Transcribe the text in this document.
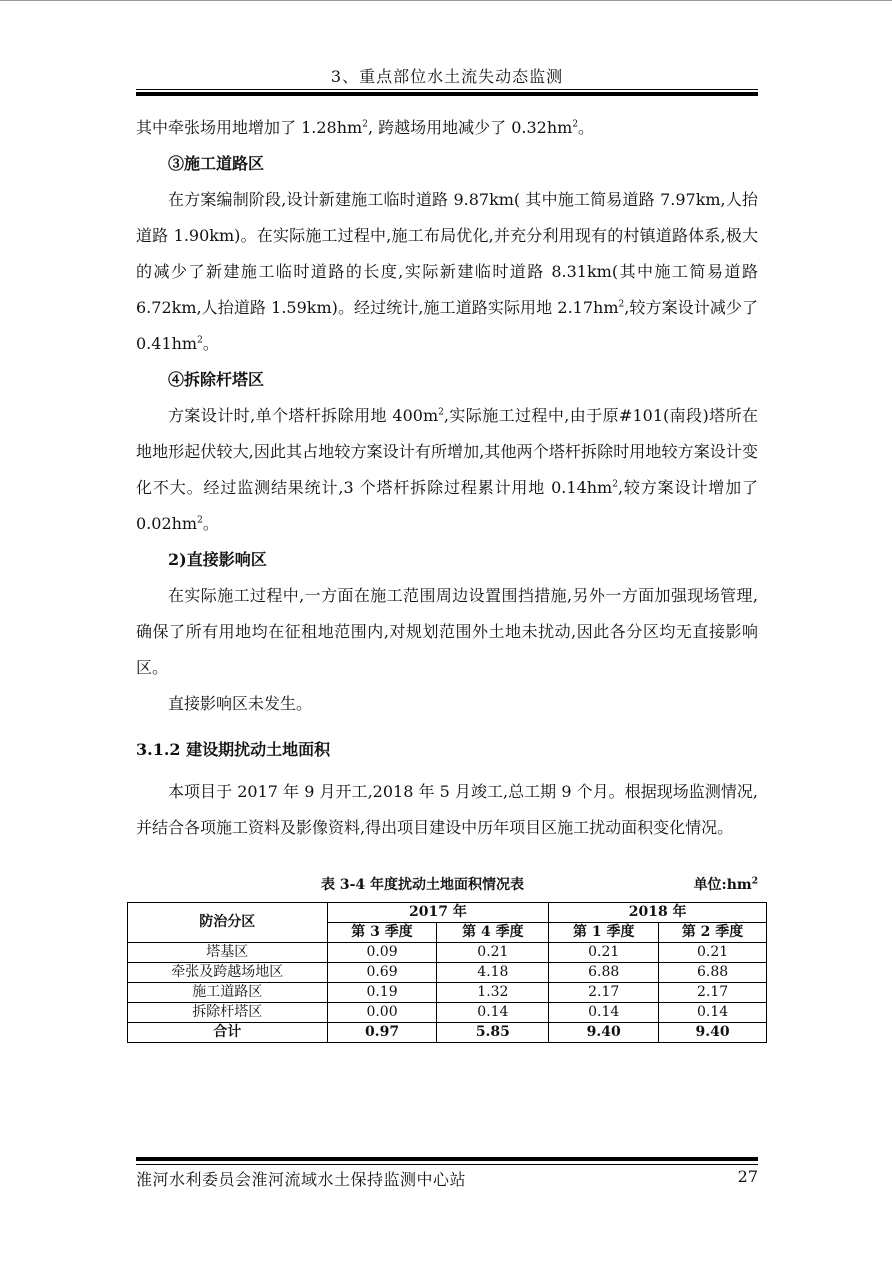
3、重点部位水土流失动态监测

其中牵张场用地增加了 $1.28hm^2$, 跨越场用地减少了 $0.32hm^2$。

③施工道路区

在方案编制阶段,设计新建施工临时道路 9.87km( 其中施工简易道路 7.97km,人抬道路 1.90km)。在实际施工过程中,施工布局优化,并充分利用现有的村镇道路体系,极大的减少了新建施工临时道路的长度,实际新建临时道路 8.31km(其中施工简易道路 6.72km,人抬道路 1.59km)。经过统计,施工道路实际用地 $2.17hm^2$,较方案设计减少了 $0.41hm^2$。

④拆除杆塔区

方案设计时,单个塔杆拆除用地 $400m^2$,实际施工过程中,由于原#101(南段)塔所在地地形起伏较大,因此其占地较方案设计有所增加,其他两个塔杆拆除时用地较方案设计变化不大。经过监测结果统计,3 个塔杆拆除过程累计用地 $0.14hm^2$,较方案设计增加了 $0.02hm^2$。

2)直接影响区

在实际施工过程中,一方面在施工范围周边设置围挡措施,另外一方面加强现场管理,确保了所有用地均在征租地范围内,对规划范围外土地未扰动,因此各分区均无直接影响区。

直接影响区未发生。

3.1.2 建设期扰动土地面积

本项目于 2017 年 9 月开工,2018 年 5 月竣工,总工期 9 个月。根据现场监测情况,并结合各项施工资料及影像资料,得出项目建设中历年项目区施工扰动面积变化情况。

表 3-4 年度扰动土地面积情况表	单位$:hm^2$
防治分区	2017 年		2018 年	
	第 3 季度	第 4 季度	第 1 季度	第 2 季度
塔基区	0.09	0.21	0.21	0.21
牵张及跨越场地区	0.69	4.18	6.88	6.88
施工道路区	0.19	1.32	2.17	2.17
拆除杆塔区	0.00	0.14	0.14	0.14
合计	0.97	5.85	9.40	9.40
淮河水利委员会淮河流域水土保持监测中心站	27
